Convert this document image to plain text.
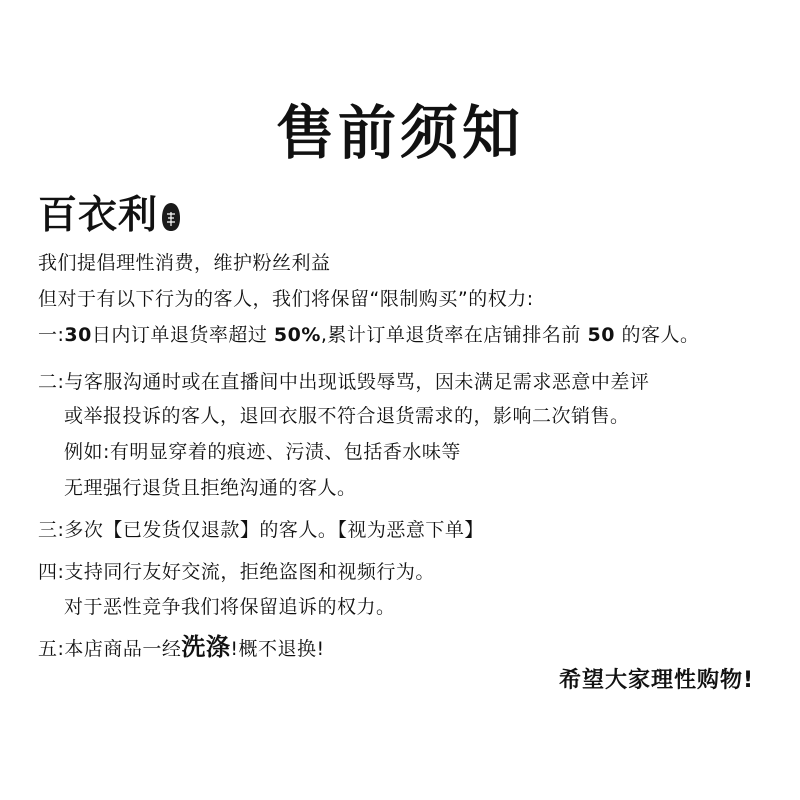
售前须知
百衣利
我们提倡理性消费，维护粉丝利益
但对于有以下行为的客人，我们将保留“限制购买”的权力:
一:30日内订单退货率超过 50%,累计订单退货率在店铺排名前 50 的客人。
二:与客服沟通时或在直播间中出现诋毁辱骂，因未满足需求恶意中差评
或举报投诉的客人，退回衣服不符合退货需求的，影响二次销售。
例如:有明显穿着的痕迹、污渍、包括香水味等
无理强行退货且拒绝沟通的客人。
三:多次【已发货仅退款】的客人。【视为恶意下单】
四:支持同行友好交流，拒绝盗图和视频行为。
对于恶性竞争我们将保留追诉的权力。
五:本店商品一经洗涤!概不退换!
希望大家理性购物!
